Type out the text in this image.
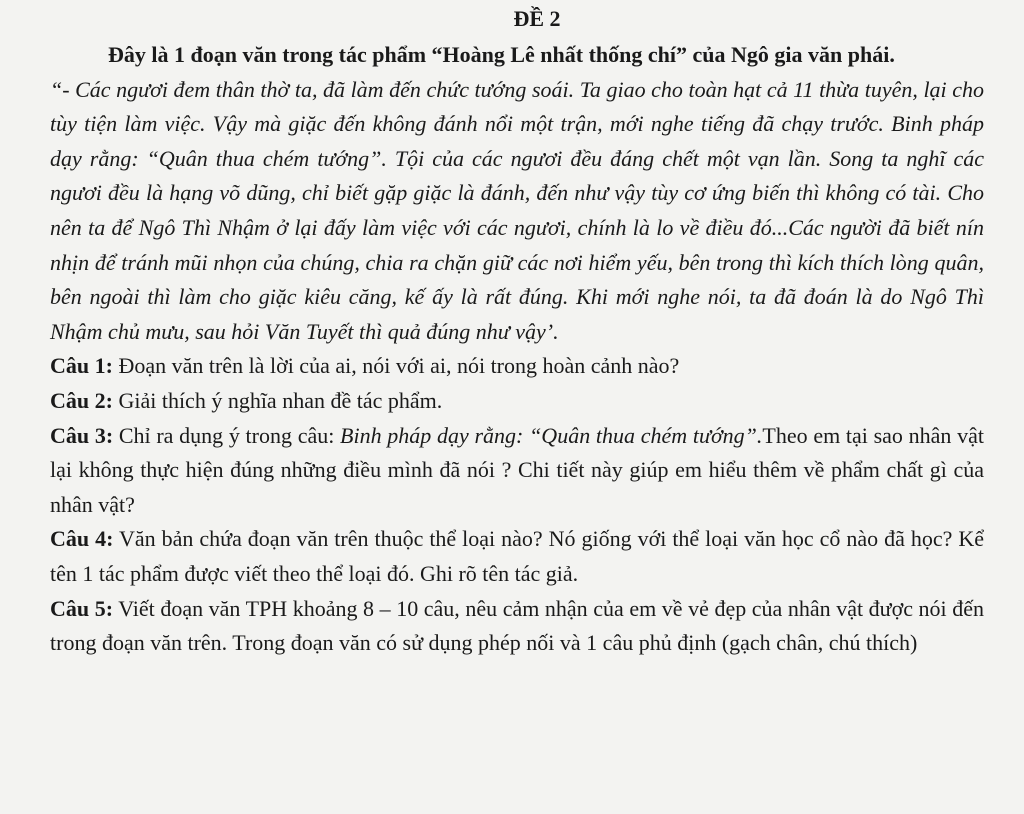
ĐỀ 2

Đây là 1 đoạn văn trong tác phẩm “Hoàng Lê nhất thống chí” của Ngô gia văn phái.

“- Các ngươi đem thân thờ ta, đã làm đến chức tướng soái. Ta giao cho toàn hạt cả 11 thừa tuyên, lại cho tùy tiện làm việc. Vậy mà giặc đến không đánh nổi một trận, mới nghe tiếng đã chạy trước. Binh pháp dạy rằng: “Quân thua chém tướng”. Tội của các ngươi đều đáng chết một vạn lần. Song ta nghĩ các ngươi đều là hạng võ dũng, chỉ biết gặp giặc là đánh, đến như vậy tùy cơ ứng biến thì không có tài. Cho nên ta để Ngô Thì Nhậm ở lại đấy làm việc với các ngươi, chính là lo về điều đó...Các người đã biết nín nhịn để tránh mũi nhọn của chúng, chia ra chặn giữ các nơi hiểm yếu, bên trong thì kích thích lòng quân, bên ngoài thì làm cho giặc kiêu căng, kế ấy là rất đúng. Khi mới nghe nói, ta đã đoán là do Ngô Thì Nhậm chủ mưu, sau hỏi Văn Tuyết thì quả đúng như vậy’.

Câu 1: Đoạn văn trên là lời của ai, nói với ai, nói trong hoàn cảnh nào?

Câu 2: Giải thích ý nghĩa nhan đề tác phẩm.

Câu 3: Chỉ ra dụng ý trong câu: Binh pháp dạy rằng: “Quân thua chém tướng”.Theo em tại sao nhân vật lại không thực hiện đúng những điều mình đã nói ? Chi tiết này giúp em hiểu thêm về phẩm chất gì của nhân vật?

Câu 4: Văn bản chứa đoạn văn trên thuộc thể loại nào? Nó giống với thể loại văn học cổ nào đã học? Kể tên 1 tác phẩm được viết theo thể loại đó. Ghi rõ tên tác giả.

Câu 5: Viết đoạn văn TPH khoảng 8 – 10 câu, nêu cảm nhận của em về vẻ đẹp của nhân vật được nói đến trong đoạn văn trên. Trong đoạn văn có sử dụng phép nối và 1 câu phủ định (gạch chân, chú thích)
